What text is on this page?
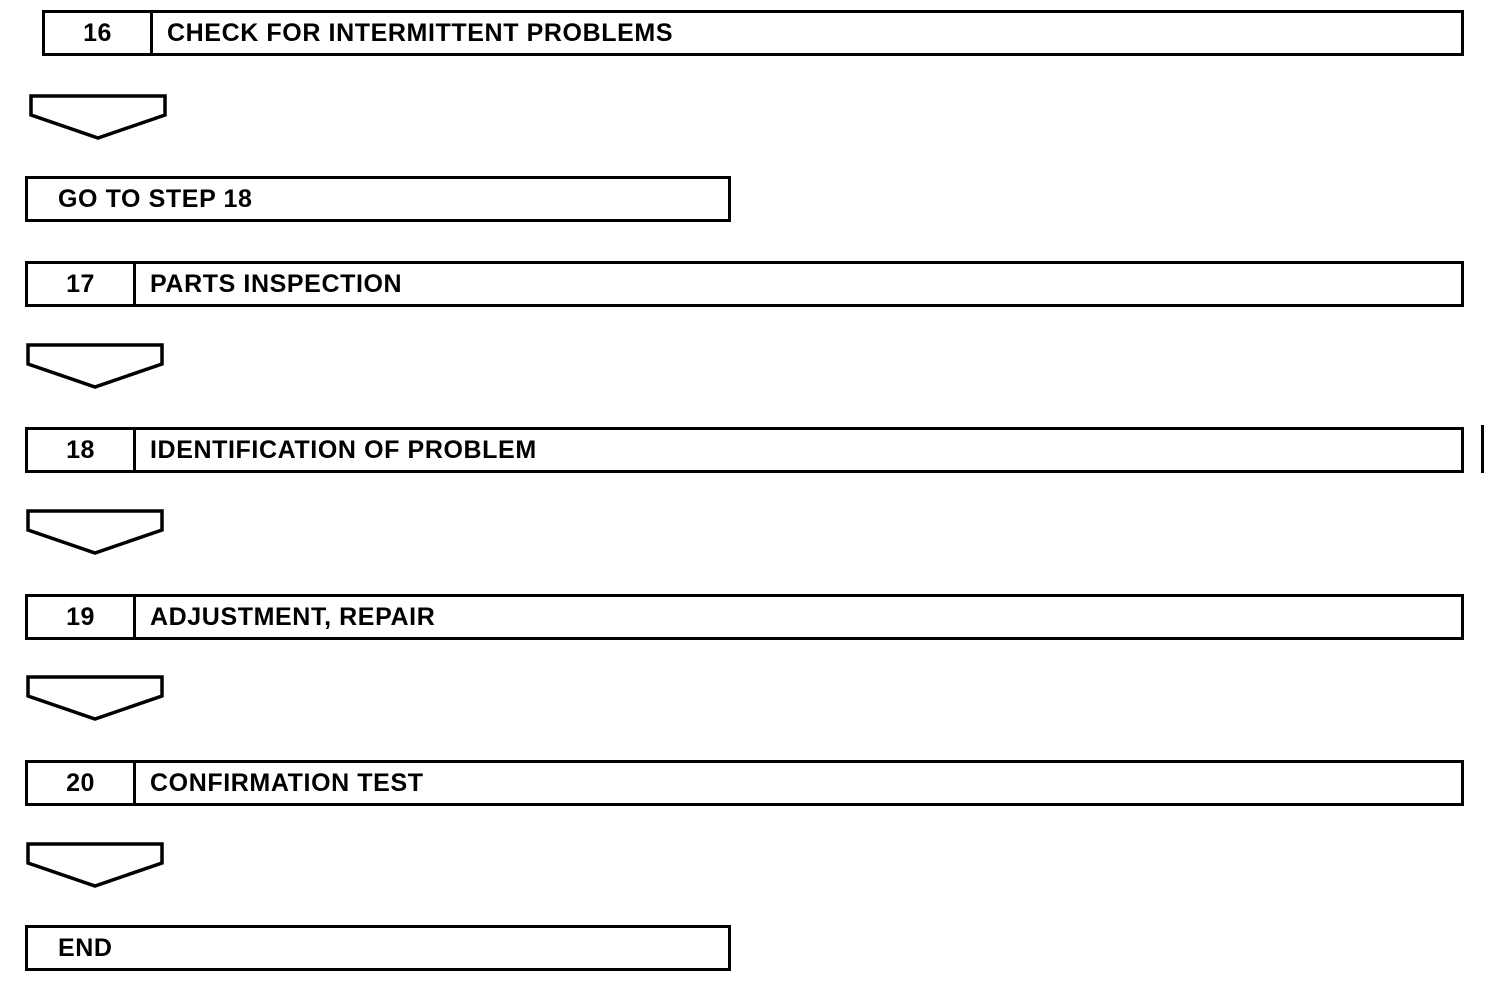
16	CHECK FOR INTERMITTENT PROBLEMS
GO TO STEP 18
17	PARTS INSPECTION
18	IDENTIFICATION OF PROBLEM
19	ADJUSTMENT, REPAIR
20	CONFIRMATION TEST
END
